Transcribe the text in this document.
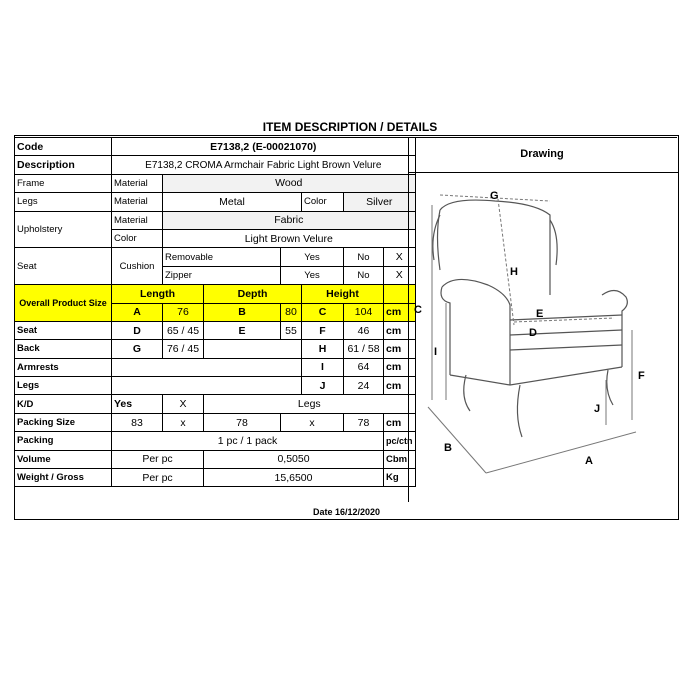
ITEM DESCRIPTION / DETAILS
Date 16/12/2020
Code	E7138,2 (E-00021070)						
Description	E7138,2 CROMA Armchair Fabric Light Brown Velure						
Frame	Material	Wood					
Legs	Material	Metal			Color	Silver	
Upholstery	Material	Fabric					
	Color	Light Brown Velure					
Seat	Cushion	Removable		Yes		No	X
		Zipper		Yes		No	X
Overall Product Size	Length		Depth		Height		
	A	76	B	80	C	104	cm
Seat	D	65 / 45	E	55	F	46	cm
Back	G	76 / 45			H	61 / 58	cm
Armrests					I	64	cm
Legs					J	24	cm
K/D	Yes	X	Legs				
Packing Size	83	x	78	x		78	cm
Packing	1 pc / 1 pack						pc/ctn
Volume	Per pc		0,5050				Cbm
Weight / Gross	Per pc		15,6500				Kg
Drawing
G
H
C
I
E
D
F
J
B
A
